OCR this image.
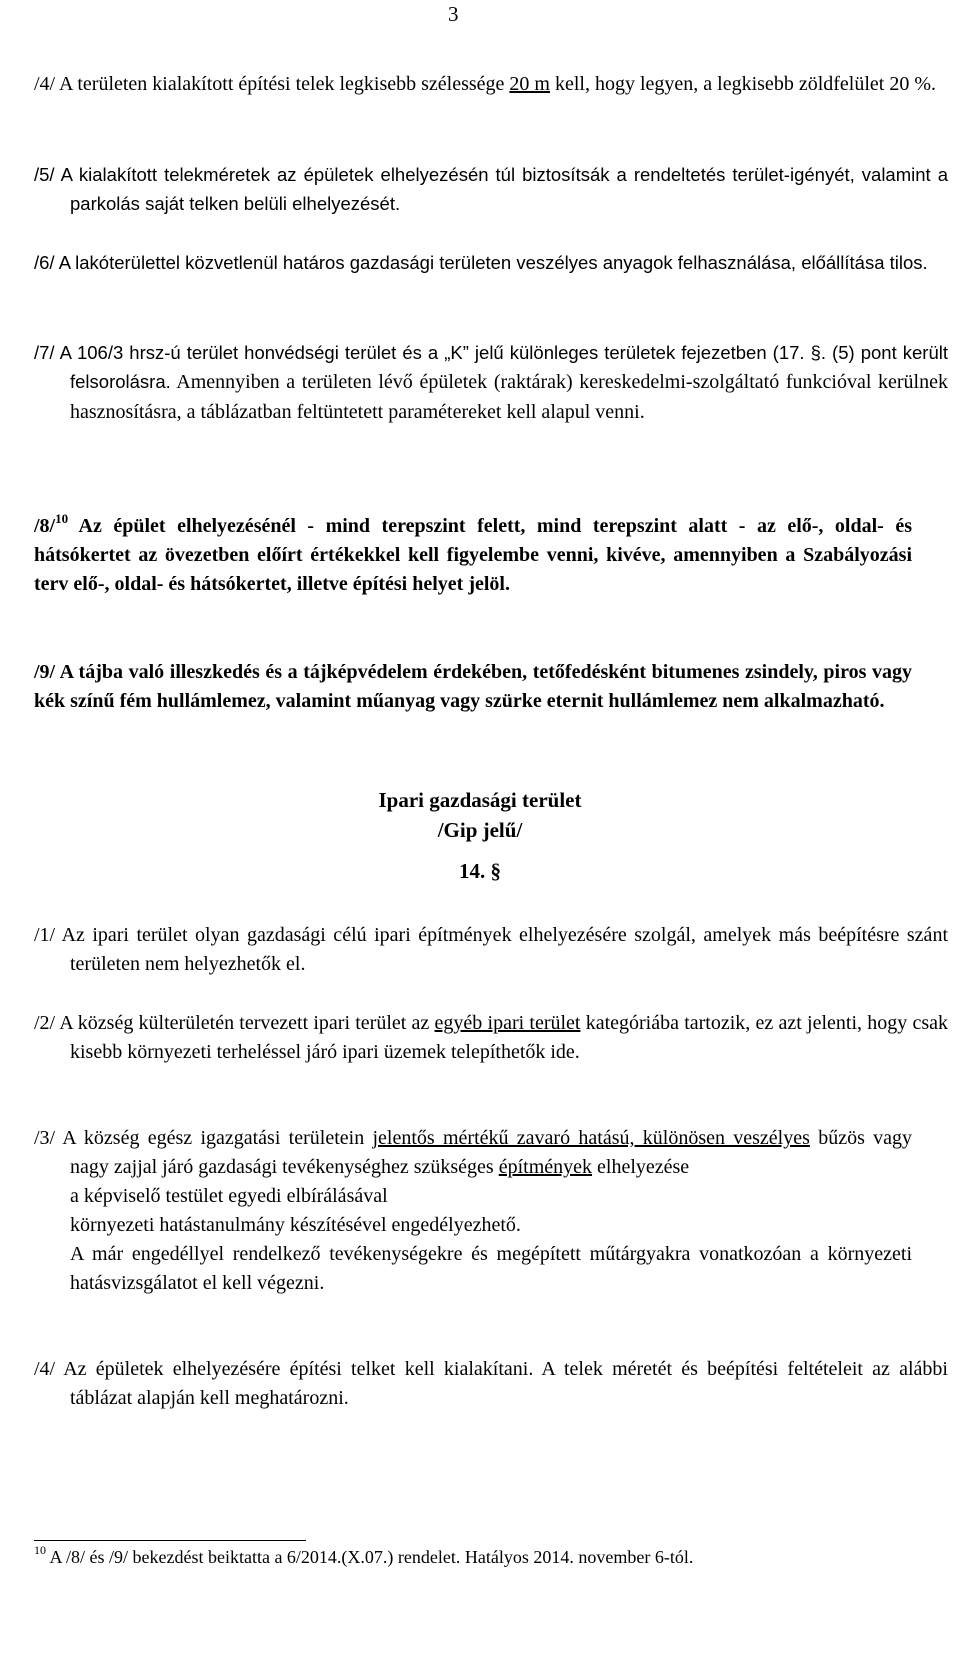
3
/4/ A területen kialakított építési telek legkisebb szélessége 20 m kell, hogy legyen, a legkisebb zöldfelület 20 %.
/5/ A kialakított telekméretek az épületek elhelyezésén túl biztosítsák a rendeltetés terület-igényét, valamint a parkolás saját telken belüli elhelyezését.
/6/ A lakóterülettel közvetlenül határos gazdasági területen veszélyes anyagok felhasználása, előállítása tilos.
/7/ A 106/3 hrsz-ú terület honvédségi terület és a „K” jelű különleges területek fejezetben (17. §. (5) pont került felsorolásra. Amennyiben a területen lévő épületek (raktárak) kereskedelmi-szolgáltató funkcióval kerülnek hasznosításra, a táblázatban feltüntetett paramétereket kell alapul venni.
/8/$^{10}$ Az épület elhelyezésénél - mind terepszint felett, mind terepszint alatt - az elő-, oldal- és hátsókertet az övezetben előírt értékekkel kell figyelembe venni, kivéve, amennyiben a Szabályozási terv elő-, oldal- és hátsókertet, illetve építési helyet jelöl.
/9/ A tájba való illeszkedés és a tájképvédelem érdekében, tetőfedésként bitumenes zsindely, piros vagy kék színű fém hullámlemez, valamint műanyag vagy szürke eternit hullámlemez nem alkalmazható.
Ipari gazdasági terület
/Gip jelű/
14. §
/1/ Az ipari terület olyan gazdasági célú ipari építmények elhelyezésére szolgál, amelyek más beépítésre szánt területen nem helyezhetők el.
/2/ A község külterületén tervezett ipari terület az egyéb ipari terület kategóriába tartozik, ez azt jelenti, hogy csak kisebb környezeti terheléssel járó ipari üzemek telepíthetők ide.
/3/ A község egész igazgatási területein jelentős mértékű zavaró hatású, különösen veszélyes bűzös vagy nagy zajjal járó gazdasági tevékenységhez szükséges építmények elhelyezése
a képviselő testület egyedi elbírálásával
környezeti hatástanulmány készítésével engedélyezhető.
A már engedéllyel rendelkező tevékenységekre és megépített műtárgyakra vonatkozóan a környezeti hatásvizsgálatot el kell végezni.
/4/ Az épületek elhelyezésére építési telket kell kialakítani. A telek méretét és beépítési feltételeit az alábbi táblázat alapján kell meghatározni.
$^{10}$ A /8/ és /9/ bekezdést beiktatta a 6/2014.(X.07.) rendelet. Hatályos 2014. november 6-tól.
